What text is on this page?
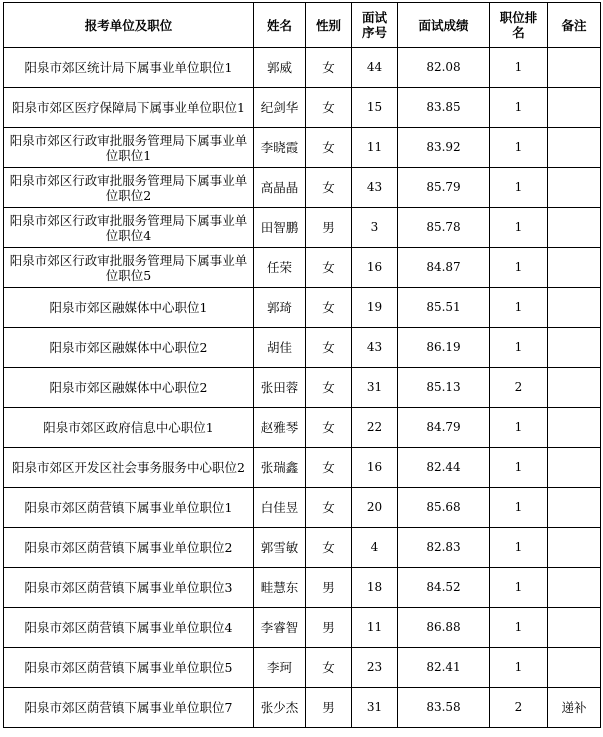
报考单位及职位	姓名	性别	面试序号	面试成绩	职位排名	备注
阳泉市郊区统计局下属事业单位职位1	郭威	女	44	82.08	1	
阳泉市郊区医疗保障局下属事业单位职位1	纪剑华	女	15	83.85	1	
阳泉市郊区行政审批服务管理局下属事业单位职位1	李晓霞	女	11	83.92	1	
阳泉市郊区行政审批服务管理局下属事业单位职位2	高晶晶	女	43	85.79	1	
阳泉市郊区行政审批服务管理局下属事业单位职位4	田智鹏	男	3	85.78	1	
阳泉市郊区行政审批服务管理局下属事业单位职位5	任荣	女	16	84.87	1	
阳泉市郊区融媒体中心职位1	郭琦	女	19	85.51	1	
阳泉市郊区融媒体中心职位2	胡佳	女	43	86.19	1	
阳泉市郊区融媒体中心职位2	张田蓉	女	31	85.13	2	
阳泉市郊区政府信息中心职位1	赵雅琴	女	22	84.79	1	
阳泉市郊区开发区社会事务服务中心职位2	张瑞鑫	女	16	82.44	1	
阳泉市郊区荫营镇下属事业单位职位1	白佳昱	女	20	85.68	1	
阳泉市郊区荫营镇下属事业单位职位2	郭雪敏	女	4	82.83	1	
阳泉市郊区荫营镇下属事业单位职位3	畦慧东	男	18	84.52	1	
阳泉市郊区荫营镇下属事业单位职位4	李睿智	男	11	86.88	1	
阳泉市郊区荫营镇下属事业单位职位5	李珂	女	23	82.41	1	
阳泉市郊区荫营镇下属事业单位职位7	张少杰	男	31	83.58	2	递补
